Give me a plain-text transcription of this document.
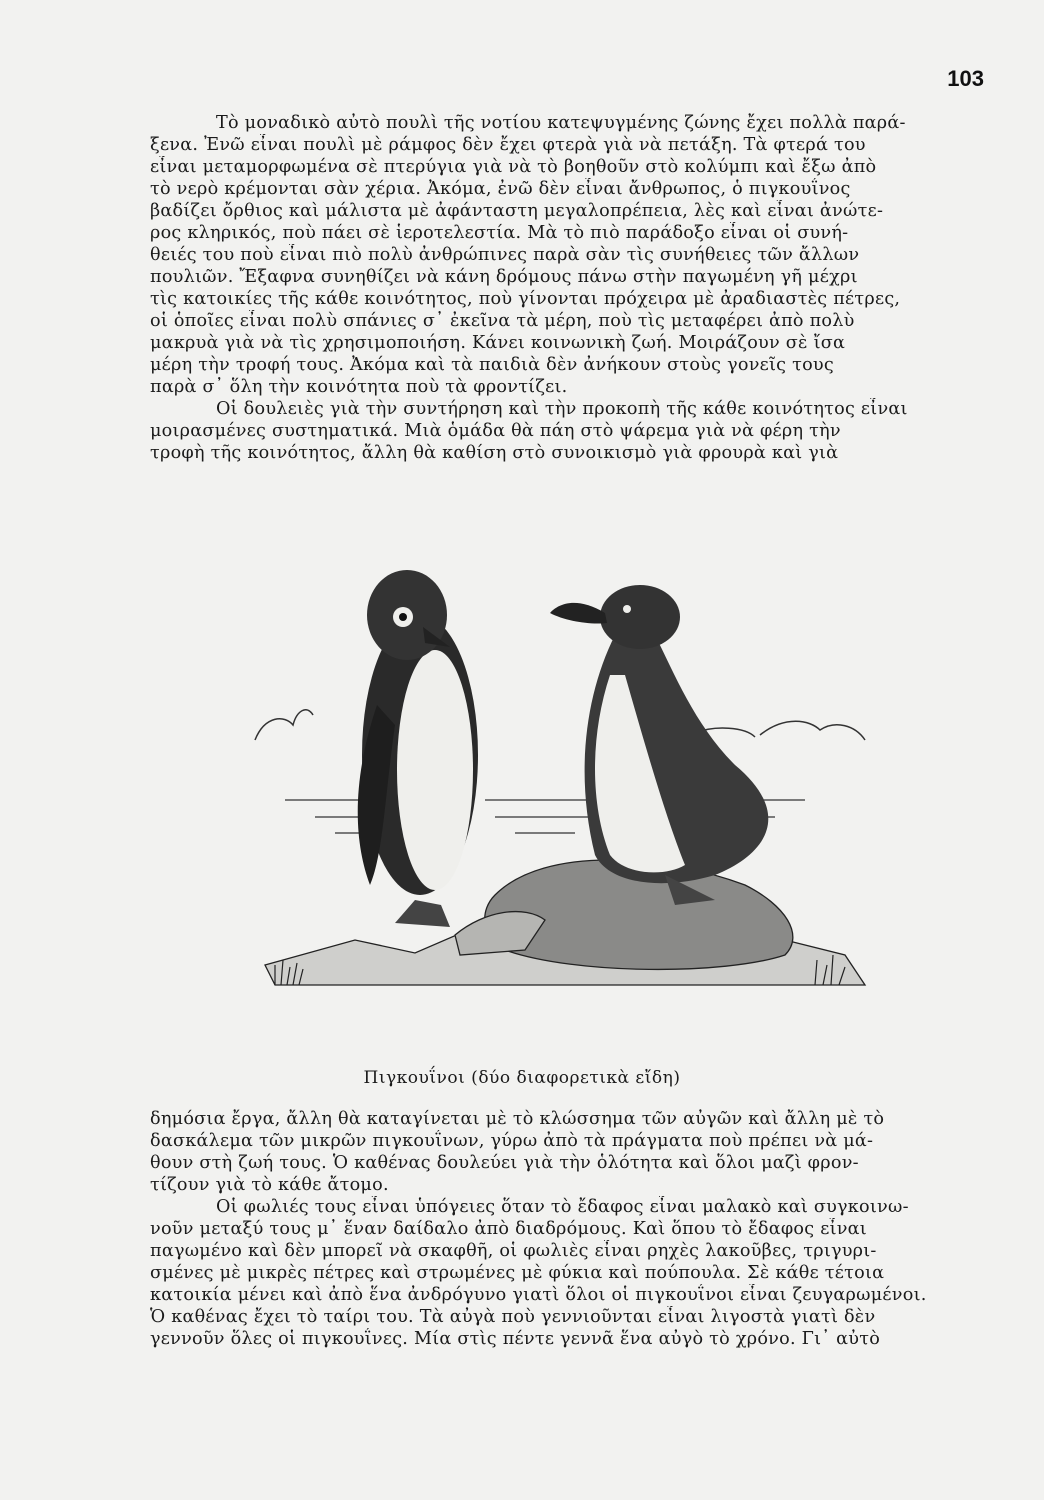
103
Τὸ μοναδικὸ αὐτὸ πουλὶ τῆς νοτίου κατεψυγμένης ζώνης ἔχει πολλὰ παρά-
ξενα. Ἐνῶ εἶναι πουλὶ μὲ ράμφος δὲν ἔχει φτερὰ γιὰ νὰ πετάξη. Τὰ φτερά του
εἶναι μεταμορφωμένα σὲ πτερύγια γιὰ νὰ τὸ βοηθοῦν στὸ κολύμπι καὶ ἔξω ἀπὸ
τὸ νερὸ κρέμονται σὰν χέρια. Ἀκόμα, ἐνῶ δὲν εἶναι ἄνθρωπος, ὁ πιγκουΐνος
βαδίζει ὄρθιος καὶ μάλιστα μὲ ἀφάνταστη μεγαλοπρέπεια, λὲς καὶ εἶναι ἀνώτε-
ρος κληρικός, ποὺ πάει σὲ ἱεροτελεστία. Μὰ τὸ πιὸ παράδοξο εἶναι οἱ συνή-
θειές του ποὺ εἶναι πιὸ πολὺ ἀνθρώπινες παρὰ σὰν τὶς συνήθειες τῶν ἄλλων
πουλιῶν. Ἔξαφνα συνηθίζει νὰ κάνη δρόμους πάνω στὴν παγωμένη γῆ μέχρι
τὶς κατοικίες τῆς κάθε κοινότητος, ποὺ γίνονται πρόχειρα μὲ ἀραδιαστὲς πέτρες,
οἱ ὁποῖες εἶναι πολὺ σπάνιες σ᾽ ἐκεῖνα τὰ μέρη, ποὺ τὶς μεταφέρει ἀπὸ πολὺ
μακρυὰ γιὰ νὰ τὶς χρησιμοποιήση. Κάνει κοινωνικὴ ζωή. Μοιράζουν σὲ ἴσα
μέρη τὴν τροφή τους. Ἀκόμα καὶ τὰ παιδιὰ δὲν ἀνήκουν στοὺς γονεῖς τους
παρὰ σ᾽ ὅλη τὴν κοινότητα ποὺ τὰ φροντίζει.
Οἱ δουλειὲς γιὰ τὴν συντήρηση καὶ τὴν προκοπὴ τῆς κάθε κοινότητος εἶναι
μοιρασμένες συστηματικά. Μιὰ ὁμάδα θὰ πάη στὸ ψάρεμα γιὰ νὰ φέρη τὴν
τροφὴ τῆς κοινότητος, ἄλλη θὰ καθίση στὸ συνοικισμὸ γιὰ φρουρὰ καὶ γιὰ
Πιγκουΐνοι (δύο διαφορετικὰ εἴδη)
δημόσια ἔργα, ἄλλη θὰ καταγίνεται μὲ τὸ κλώσσημα τῶν αὐγῶν καὶ ἄλλη μὲ τὸ
δασκάλεμα τῶν μικρῶν πιγκουΐνων, γύρω ἀπὸ τὰ πράγματα ποὺ πρέπει νὰ μά-
θουν στὴ ζωή τους. Ὁ καθένας δουλεύει γιὰ τὴν ὁλότητα καὶ ὅλοι μαζὶ φρον-
τίζουν γιὰ τὸ κάθε ἄτομο.
Οἱ φωλιές τους εἶναι ὑπόγειες ὅταν τὸ ἔδαφος εἶναι μαλακὸ καὶ συγκοινω-
νοῦν μεταξύ τους μ᾽ ἕναν δαίδαλο ἀπὸ διαδρόμους. Καὶ ὅπου τὸ ἔδαφος εἶναι
παγωμένο καὶ δὲν μπορεῖ νὰ σκαφθῆ, οἱ φωλιὲς εἶναι ρηχὲς λακοῦβες, τριγυρι-
σμένες μὲ μικρὲς πέτρες καὶ στρωμένες μὲ φύκια καὶ πούπουλα. Σὲ κάθε τέτοια
κατοικία μένει καὶ ἀπὸ ἕνα ἀνδρόγυνο γιατὶ ὅλοι οἱ πιγκουΐνοι εἶναι ζευγαρωμένοι.
Ὁ καθένας ἔχει τὸ ταίρι του. Τὰ αὐγὰ ποὺ γεννιοῦνται εἶναι λιγοστὰ γιατὶ δὲν
γεννοῦν ὅλες οἱ πιγκουΐνες. Μία στὶς πέντε γεννᾶ ἕνα αὐγὸ τὸ χρόνο. Γι᾽ αὐτὸ
